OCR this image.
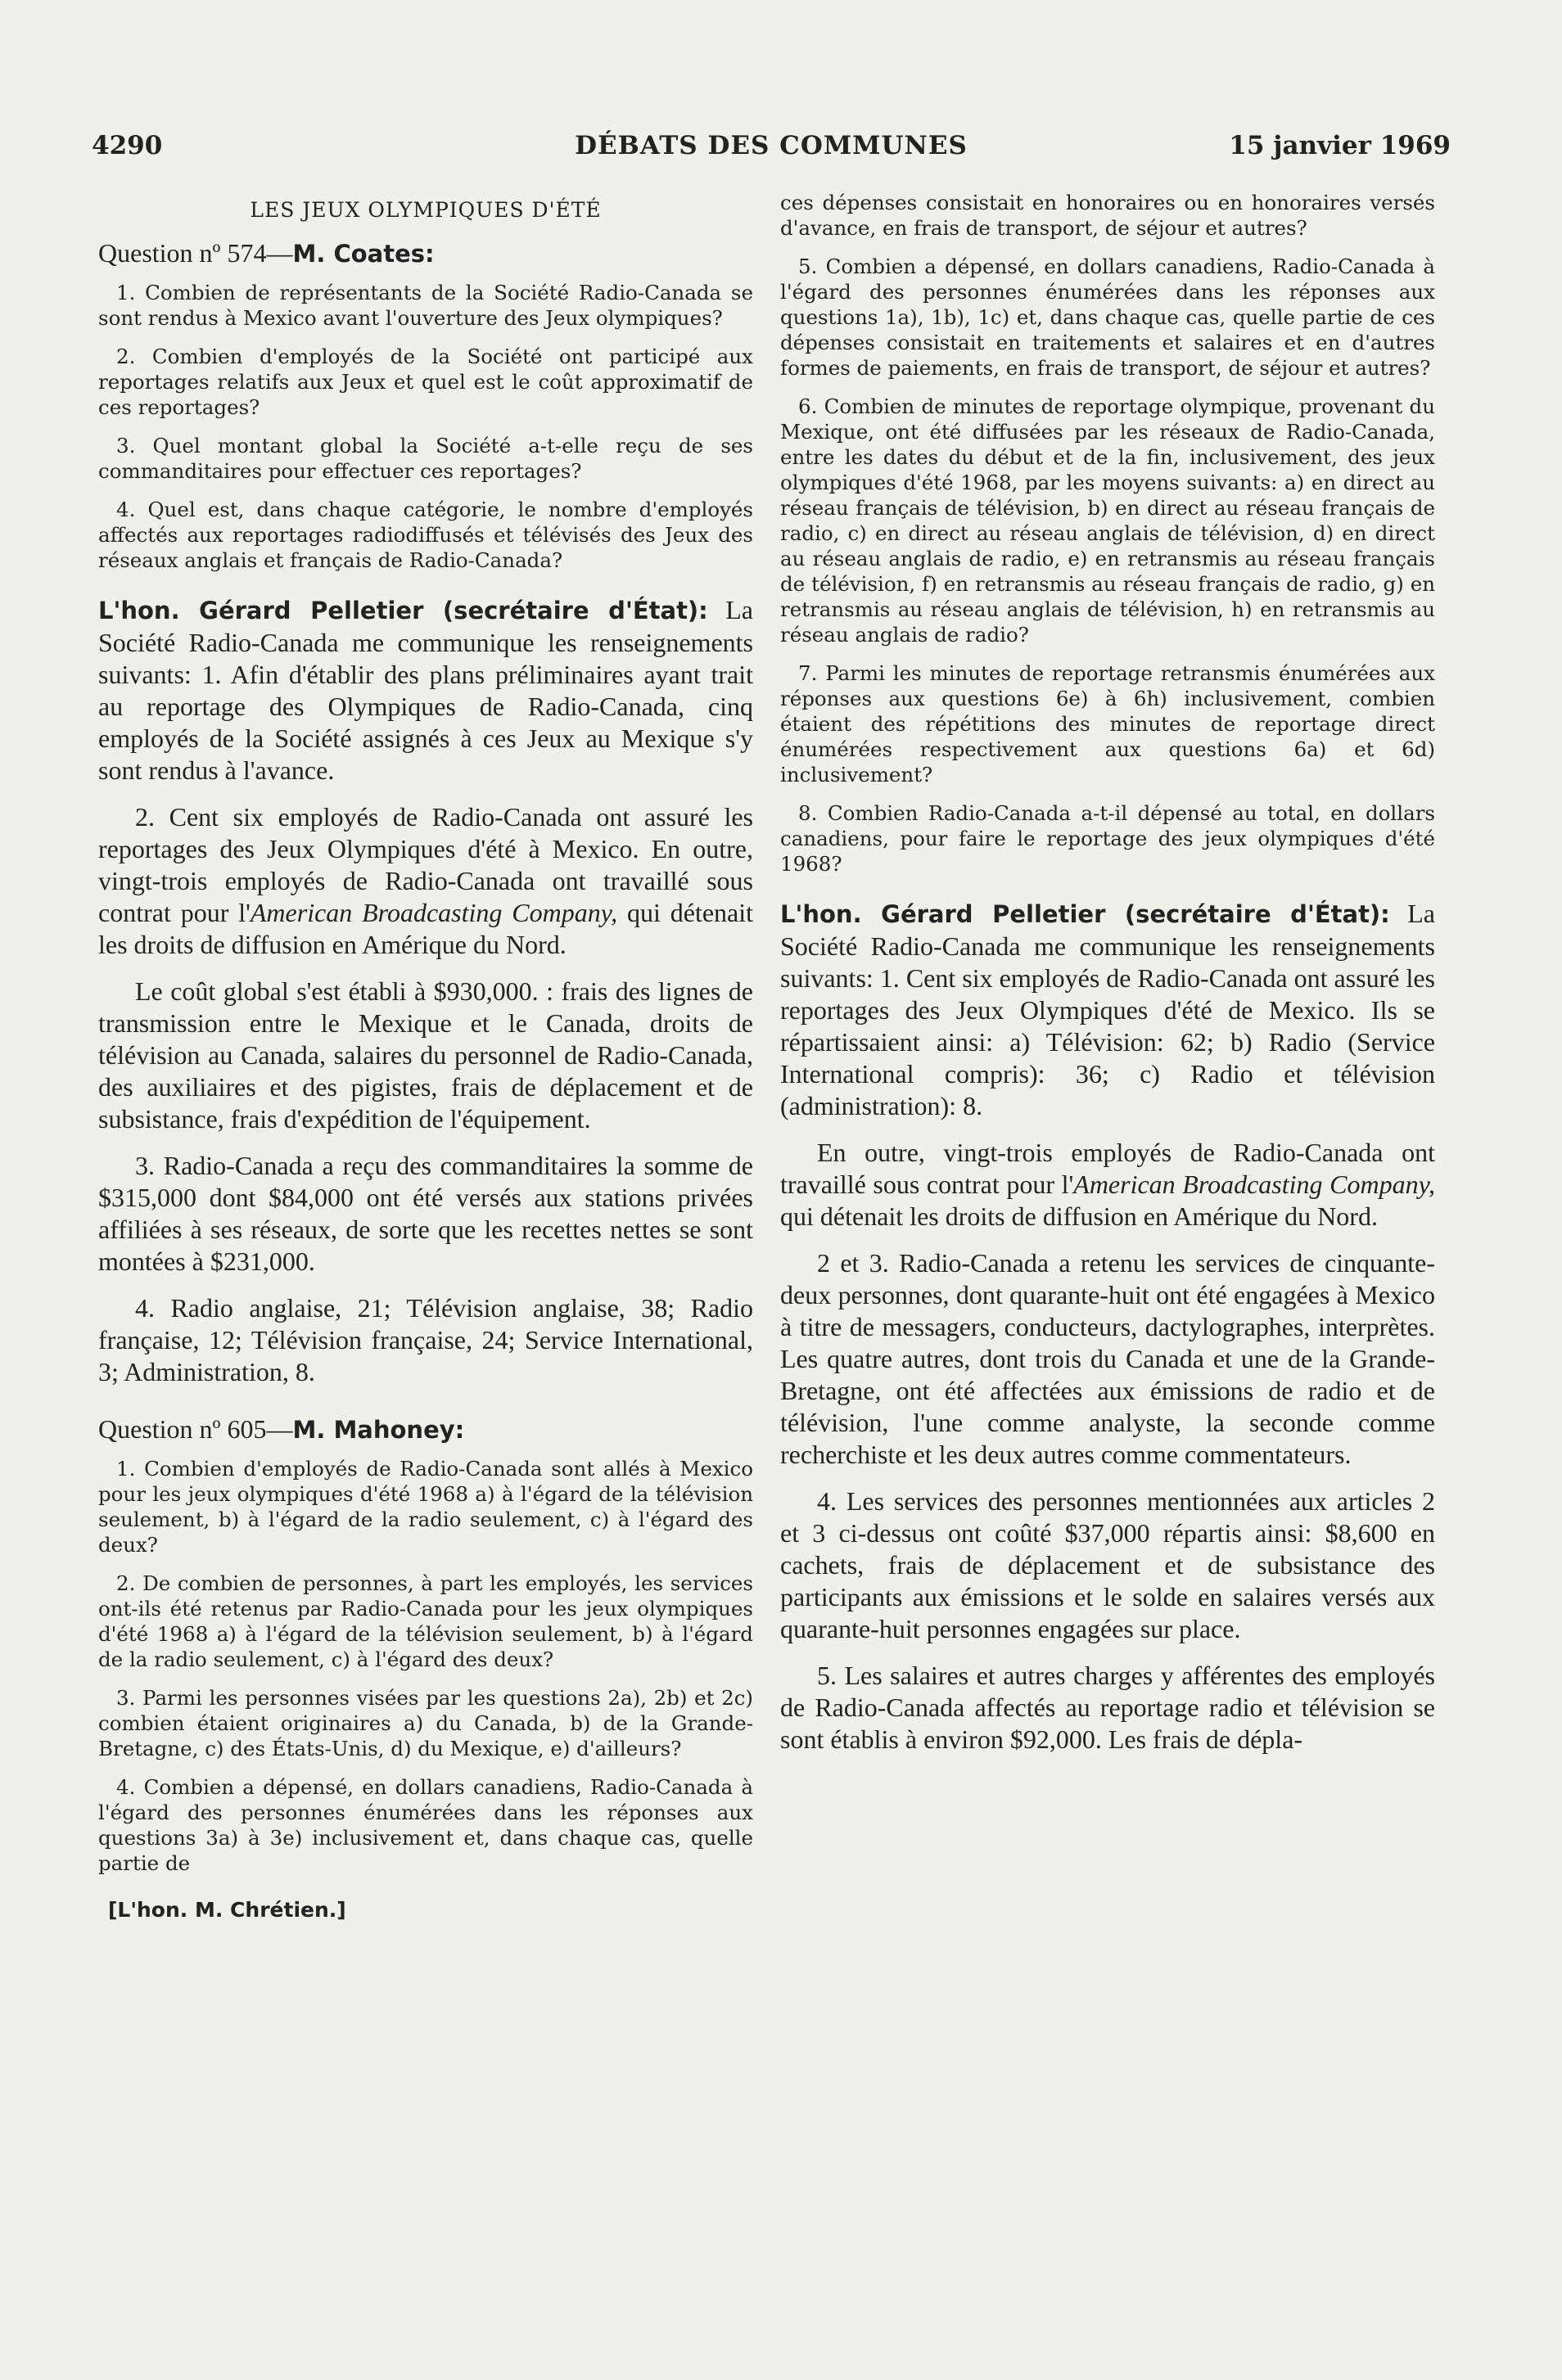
4290	DÉBATS DES COMMUNES	15 janvier 1969
LES JEUX OLYMPIQUES D'ÉTÉ
Question nº 574—M. Coates:

1. Combien de représentants de la Société Radio-Canada se sont rendus à Mexico avant l'ouverture des Jeux olympiques?

2. Combien d'employés de la Société ont participé aux reportages relatifs aux Jeux et quel est le coût approximatif de ces reportages?

3. Quel montant global la Société a-t-elle reçu de ses commanditaires pour effectuer ces reportages?

4. Quel est, dans chaque catégorie, le nombre d'employés affectés aux reportages radiodiffusés et télévisés des Jeux des réseaux anglais et français de Radio-Canada?

L'hon. Gérard Pelletier (secrétaire d'État): La Société Radio-Canada me communique les renseignements suivants: 1. Afin d'établir des plans préliminaires ayant trait au reportage des Olympiques de Radio-Canada, cinq employés de la Société assignés à ces Jeux au Mexique s'y sont rendus à l'avance.

2. Cent six employés de Radio-Canada ont assuré les reportages des Jeux Olympiques d'été à Mexico. En outre, vingt-trois employés de Radio-Canada ont travaillé sous contrat pour l'American Broadcasting Company, qui détenait les droits de diffusion en Amérique du Nord.

Le coût global s'est établi à $930,000. : frais des lignes de transmission entre le Mexique et le Canada, droits de télévision au Canada, salaires du personnel de Radio-Canada, des auxiliaires et des pigistes, frais de déplacement et de subsistance, frais d'expédition de l'équipement.

3. Radio-Canada a reçu des commanditaires la somme de $315,000 dont $84,000 ont été versés aux stations privées affiliées à ses réseaux, de sorte que les recettes nettes se sont montées à $231,000.

4. Radio anglaise, 21; Télévision anglaise, 38; Radio française, 12; Télévision française, 24; Service International, 3; Administration, 8.

Question nº 605—M. Mahoney:

1. Combien d'employés de Radio-Canada sont allés à Mexico pour les jeux olympiques d'été 1968 a) à l'égard de la télévision seulement, b) à l'égard de la radio seulement, c) à l'égard des deux?

2. De combien de personnes, à part les employés, les services ont-ils été retenus par Radio-Canada pour les jeux olympiques d'été 1968 a) à l'égard de la télévision seulement, b) à l'égard de la radio seulement, c) à l'égard des deux?

3. Parmi les personnes visées par les questions 2a), 2b) et 2c) combien étaient originaires a) du Canada, b) de la Grande-Bretagne, c) des États-Unis, d) du Mexique, e) d'ailleurs?

4. Combien a dépensé, en dollars canadiens, Radio-Canada à l'égard des personnes énumérées dans les réponses aux questions 3a) à 3e) inclusivement et, dans chaque cas, quelle partie de

[L'hon. M. Chrétien.]

ces dépenses consistait en honoraires ou en honoraires versés d'avance, en frais de transport, de séjour et autres?

5. Combien a dépensé, en dollars canadiens, Radio-Canada à l'égard des personnes énumérées dans les réponses aux questions 1a), 1b), 1c) et, dans chaque cas, quelle partie de ces dépenses consistait en traitements et salaires et en d'autres formes de paiements, en frais de transport, de séjour et autres?

6. Combien de minutes de reportage olympique, provenant du Mexique, ont été diffusées par les réseaux de Radio-Canada, entre les dates du début et de la fin, inclusivement, des jeux olympiques d'été 1968, par les moyens suivants: a) en direct au réseau français de télévision, b) en direct au réseau français de radio, c) en direct au réseau anglais de télévision, d) en direct au réseau anglais de radio, e) en retransmis au réseau français de télévision, f) en retransmis au réseau français de radio, g) en retransmis au réseau anglais de télévision, h) en retransmis au réseau anglais de radio?

7. Parmi les minutes de reportage retransmis énumérées aux réponses aux questions 6e) à 6h) inclusivement, combien étaient des répétitions des minutes de reportage direct énumérées respectivement aux questions 6a) et 6d) inclusivement?

8. Combien Radio-Canada a-t-il dépensé au total, en dollars canadiens, pour faire le reportage des jeux olympiques d'été 1968?

L'hon. Gérard Pelletier (secrétaire d'État): La Société Radio-Canada me communique les renseignements suivants: 1. Cent six employés de Radio-Canada ont assuré les reportages des Jeux Olympiques d'été de Mexico. Ils se répartissaient ainsi: a) Télévision: 62; b) Radio (Service International compris): 36; c) Radio et télévision (administration): 8.

En outre, vingt-trois employés de Radio-Canada ont travaillé sous contrat pour l'American Broadcasting Company, qui détenait les droits de diffusion en Amérique du Nord.

2 et 3. Radio-Canada a retenu les services de cinquante-deux personnes, dont quarante-huit ont été engagées à Mexico à titre de messagers, conducteurs, dactylographes, interprètes. Les quatre autres, dont trois du Canada et une de la Grande-Bretagne, ont été affectées aux émissions de radio et de télévision, l'une comme analyste, la seconde comme recherchiste et les deux autres comme commentateurs.

4. Les services des personnes mentionnées aux articles 2 et 3 ci-dessus ont coûté $37,000 répartis ainsi: $8,600 en cachets, frais de déplacement et de subsistance des participants aux émissions et le solde en salaires versés aux quarante-huit personnes engagées sur place.

5. Les salaires et autres charges y afférentes des employés de Radio-Canada affectés au reportage radio et télévision se sont établis à environ $92,000. Les frais de dépla-
